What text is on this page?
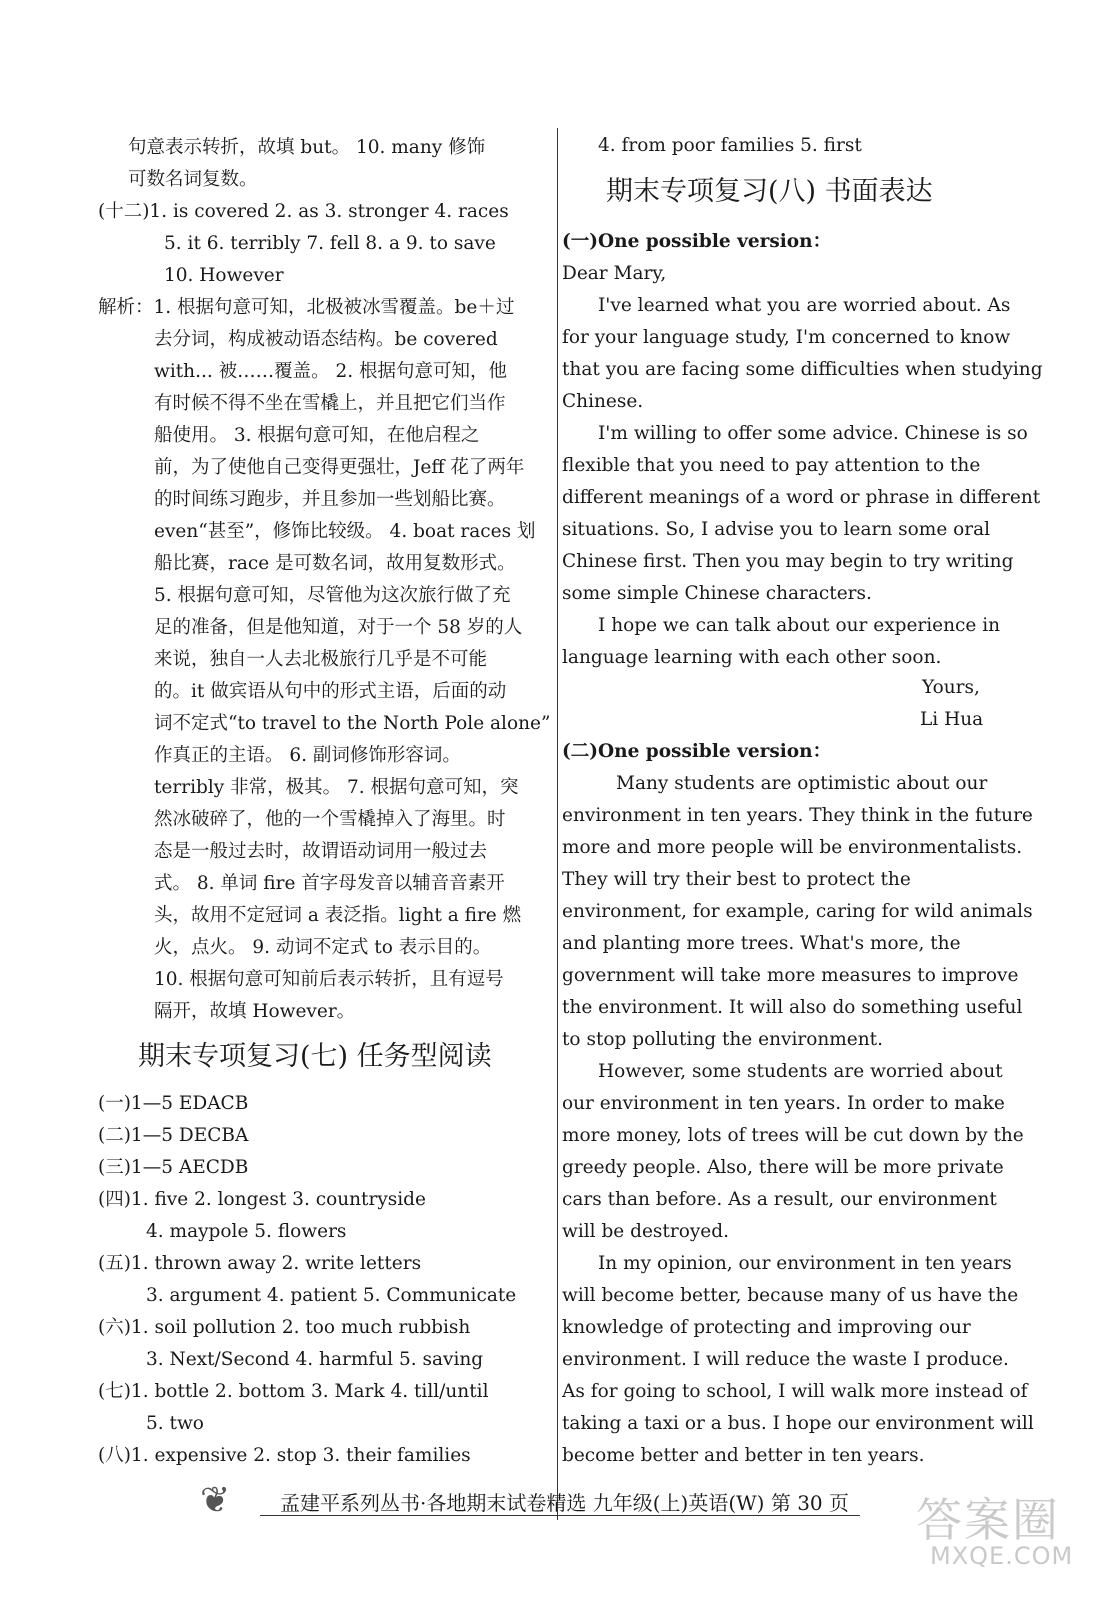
句意表示转折，故填 but。 10. many 修饰
可数名词复数。
(十二)1. is covered 2. as 3. stronger 4. races
5. it 6. terribly 7. fell 8. a 9. to save
10. However
解析：1. 根据句意可知，北极被冰雪覆盖。be＋过
去分词，构成被动语态结构。be covered
with... 被……覆盖。 2. 根据句意可知，他
有时候不得不坐在雪橇上，并且把它们当作
船使用。 3. 根据句意可知，在他启程之
前，为了使他自己变得更强壮，Jeff 花了两年
的时间练习跑步，并且参加一些划船比赛。
even“甚至”，修饰比较级。 4. boat races 划
船比赛，race 是可数名词，故用复数形式。
5. 根据句意可知，尽管他为这次旅行做了充
足的准备，但是他知道，对于一个 58 岁的人
来说，独自一人去北极旅行几乎是不可能
的。it 做宾语从句中的形式主语，后面的动
词不定式“to travel to the North Pole alone”
作真正的主语。 6. 副词修饰形容词。
terribly 非常，极其。 7. 根据句意可知，突
然冰破碎了，他的一个雪橇掉入了海里。时
态是一般过去时，故谓语动词用一般过去
式。 8. 单词 fire 首字母发音以辅音音素开
头，故用不定冠词 a 表泛指。light a fire 燃
火，点火。 9. 动词不定式 to 表示目的。
10. 根据句意可知前后表示转折，且有逗号
隔开，故填 However。
期末专项复习(七) 任务型阅读
(一)1—5 EDACB
(二)1—5 DECBA
(三)1—5 AECDB
(四)1. five 2. longest 3. countryside
4. maypole 5. flowers
(五)1. thrown away 2. write letters
3. argument 4. patient 5. Communicate
(六)1. soil pollution 2. too much rubbish
3. Next/Second 4. harmful 5. saving
(七)1. bottle 2. bottom 3. Mark 4. till/until
5. two
(八)1. expensive 2. stop 3. their families
4. from poor families 5. first
期末专项复习(八) 书面表达
(一)One possible version：
Dear Mary,
I've learned what you are worried about. As
for your language study, I'm concerned to know
that you are facing some difficulties when studying
Chinese.
I'm willing to offer some advice. Chinese is so
flexible that you need to pay attention to the
different meanings of a word or phrase in different
situations. So, I advise you to learn some oral
Chinese first. Then you may begin to try writing
some simple Chinese characters.
I hope we can talk about our experience in
language learning with each other soon.
Yours,
Li Hua
(二)One possible version：
Many students are optimistic about our
environment in ten years. They think in the future
more and more people will be environmentalists.
They will try their best to protect the
environment, for example, caring for wild animals
and planting more trees. What's more, the
government will take more measures to improve
the environment. It will also do something useful
to stop polluting the environment.
However, some students are worried about
our environment in ten years. In order to make
more money, lots of trees will be cut down by the
greedy people. Also, there will be more private
cars than before. As a result, our environment
will be destroyed.
In my opinion, our environment in ten years
will become better, because many of us have the
knowledge of protecting and improving our
environment. I will reduce the waste I produce.
As for going to school, I will walk more instead of
taking a taxi or a bus. I hope our environment will
become better and better in ten years.
❦ 孟建平系列丛书·各地期末试卷精选 九年级(上)英语(W) 第 30 页 答案圈
MXQE.COM
